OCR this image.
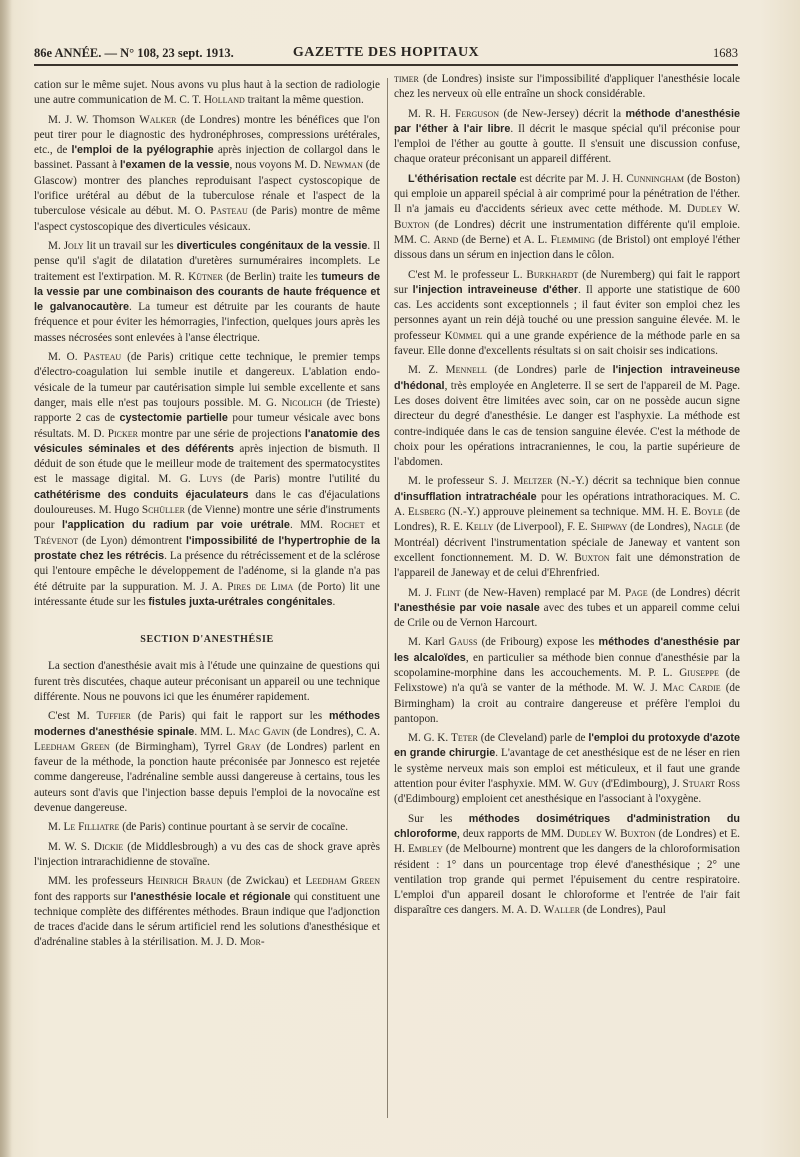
86e ANNÉE. — N° 108, 23 sept. 1913.	GAZETTE DES HOPITAUX	1683

cation sur le même sujet. Nous avons vu plus haut à la section de radiologie une autre communication de M. C. T. Holland traitant la même question.

M. J. W. Thomson Walker (de Londres) montre les bénéfices que l'on peut tirer pour le diagnostic des hydronéphroses, compressions urétérales, etc., de l'emploi de la pyélographie après injection de collargol dans le bassinet. Passant à l'examen de la vessie, nous voyons M. D. Newman (de Glascow) montrer des planches reproduisant l'aspect cystoscopique de l'orifice urétéral au début de la tuberculose rénale et l'aspect de la tuberculose vésicale au début. M. O. Pasteau (de Paris) montre de même l'aspect cystoscopique des diverticules vésicaux.

M. Joly lit un travail sur les diverticules congénitaux de la vessie. Il pense qu'il s'agit de dilatation d'uretères surnuméraires incomplets. Le traitement est l'extirpation. M. R. Kütner (de Berlin) traite les tumeurs de la vessie par une combinaison des courants de haute fréquence et le galvanocautère. La tumeur est détruite par les courants de haute fréquence et pour éviter les hémorragies, l'infection, quelques jours après les masses nécrosées sont enlevées à l'anse électrique.

M. O. Pasteau (de Paris) critique cette technique, le premier temps d'électro-coagulation lui semble inutile et dangereux. L'ablation endo-vésicale de la tumeur par cautérisation simple lui semble excellente et sans danger, mais elle n'est pas toujours possible. M. G. Nicolich (de Trieste) rapporte 2 cas de cystectomie partielle pour tumeur vésicale avec bons résultats. M. D. Picker montre par une série de projections l'anatomie des vésicules séminales et des déférents après injection de bismuth. Il déduit de son étude que le meilleur mode de traitement des spermatocystites est le massage digital. M. G. Luys (de Paris) montre l'utilité du cathétérisme des conduits éjaculateurs dans le cas d'éjaculations douloureuses. M. Hugo Schüller (de Vienne) montre une série d'instruments pour l'application du radium par voie urétrale. MM. Rochet et Trévenot (de Lyon) démontrent l'impossibilité de l'hypertrophie de la prostate chez les rétrécis. La présence du rétrécissement et de la sclérose qui l'entoure empêche le développement de l'adénome, si la glande n'a pas été détruite par la suppuration. M. J. A. Pires de Lima (de Porto) lit une intéressante étude sur les fistules juxta-urétrales congénitales.

SECTION D'ANESTHÉSIE

La section d'anesthésie avait mis à l'étude une quinzaine de questions qui furent très discutées, chaque auteur préconisant un appareil ou une technique différente. Nous ne pouvons ici que les énumérer rapidement.

C'est M. Tuffier (de Paris) qui fait le rapport sur les méthodes modernes d'anesthésie spinale. MM. L. Mac Gavin (de Londres), C. A. Leedham Green (de Birmingham), Tyrrel Gray (de Londres) parlent en faveur de la méthode, la ponction haute préconisée par Jonnesco est rejetée comme dangereuse, l'adrénaline semble aussi dangereuse à certains, tous les auteurs sont d'avis que l'injection basse depuis l'emploi de la novocaïne est devenue dangereuse.

M. Le Filliatre (de Paris) continue pourtant à se servir de cocaïne.

M. W. S. Dickie (de Middlesbrough) a vu des cas de shock grave après l'injection intrarachidienne de stovaïne.

MM. les professeurs Heinrich Braun (de Zwickau) et Leedham Green font des rapports sur l'anesthésie locale et régionale qui constituent une technique complète des différentes méthodes. Braun indique que l'adjonction de traces d'acide dans le sérum artificiel rend les solutions d'anesthésique et d'adrénaline stables à la stérilisation. M. J. D. Mor-

timer (de Londres) insiste sur l'impossibilité d'appliquer l'anesthésie locale chez les nerveux où elle entraîne un shock considérable.

M. R. H. Ferguson (de New-Jersey) décrit la méthode d'anesthésie par l'éther à l'air libre. Il décrit le masque spécial qu'il préconise pour l'emploi de l'éther au goutte à goutte. Il s'ensuit une discussion confuse, chaque orateur préconisant un appareil différent.

L'éthérisation rectale est décrite par M. J. H. Cunningham (de Boston) qui emploie un appareil spécial à air comprimé pour la pénétration de l'éther. Il n'a jamais eu d'accidents sérieux avec cette méthode. M. Dudley W. Buxton (de Londres) décrit une instrumentation différente qu'il emploie. MM. C. Arnd (de Berne) et A. L. Flemming (de Bristol) ont employé l'éther dissous dans un sérum en injection dans le côlon.

C'est M. le professeur L. Burkhardt (de Nuremberg) qui fait le rapport sur l'injection intraveineuse d'éther. Il apporte une statistique de 600 cas. Les accidents sont exceptionnels ; il faut éviter son emploi chez les personnes ayant un rein déjà touché ou une pression sanguine élevée. M. le professeur Kümmel qui a une grande expérience de la méthode parle en sa faveur. Elle donne d'excellents résultats si on sait choisir ses indications.

M. Z. Mennell (de Londres) parle de l'injection intraveineuse d'hédonal, très employée en Angleterre. Il se sert de l'appareil de M. Page. Les doses doivent être limitées avec soin, car on ne possède aucun signe directeur du degré d'anesthésie. Le danger est l'asphyxie. La méthode est contre-indiquée dans le cas de tension sanguine élevée. C'est la méthode de choix pour les opérations intracraniennes, le cou, la partie supérieure de l'abdomen.

M. le professeur S. J. Meltzer (N.-Y.) décrit sa technique bien connue d'insufflation intratrachéale pour les opérations intrathoraciques. M. C. A. Elsberg (N.-Y.) approuve pleinement sa technique. MM. H. E. Boyle (de Londres), R. E. Kelly (de Liverpool), F. E. Shipway (de Londres), Nagle (de Montréal) décrivent l'instrumentation spéciale de Janeway et vantent son excellent fonctionnement. M. D. W. Buxton fait une démonstration de l'appareil de Janeway et de celui d'Ehrenfried.

M. J. Flint (de New-Haven) remplacé par M. Page (de Londres) décrit l'anesthésie par voie nasale avec des tubes et un appareil comme celui de Crile ou de Vernon Harcourt.

M. Karl Gauss (de Fribourg) expose les méthodes d'anesthésie par les alcaloïdes, en particulier sa méthode bien connue d'anesthésie par la scopolamine-morphine dans les accouchements. M. P. L. Giuseppe (de Felixstowe) n'a qu'à se vanter de la méthode. M. W. J. Mac Cardie (de Birmingham) la croit au contraire dangereuse et préfère l'emploi du pantopon.

M. G. K. Teter (de Cleveland) parle de l'emploi du protoxyde d'azote en grande chirurgie. L'avantage de cet anesthésique est de ne léser en rien le système nerveux mais son emploi est méticuleux, et il faut une grande attention pour éviter l'asphyxie. MM. W. Guy (d'Edimbourg), J. Stuart Ross (d'Edimbourg) emploient cet anesthésique en l'associant à l'oxygène.

Sur les méthodes dosimétriques d'administration du chloroforme, deux rapports de MM. Dudley W. Buxton (de Londres) et E. H. Embley (de Melbourne) montrent que les dangers de la chloroformisation résident : 1° dans un pourcentage trop élevé d'anesthésique ; 2° une ventilation trop grande qui permet l'épuisement du centre respiratoire. L'emploi d'un appareil dosant le chloroforme et l'entrée de l'air fait disparaître ces dangers. M. A. D. Waller (de Londres), Paul
